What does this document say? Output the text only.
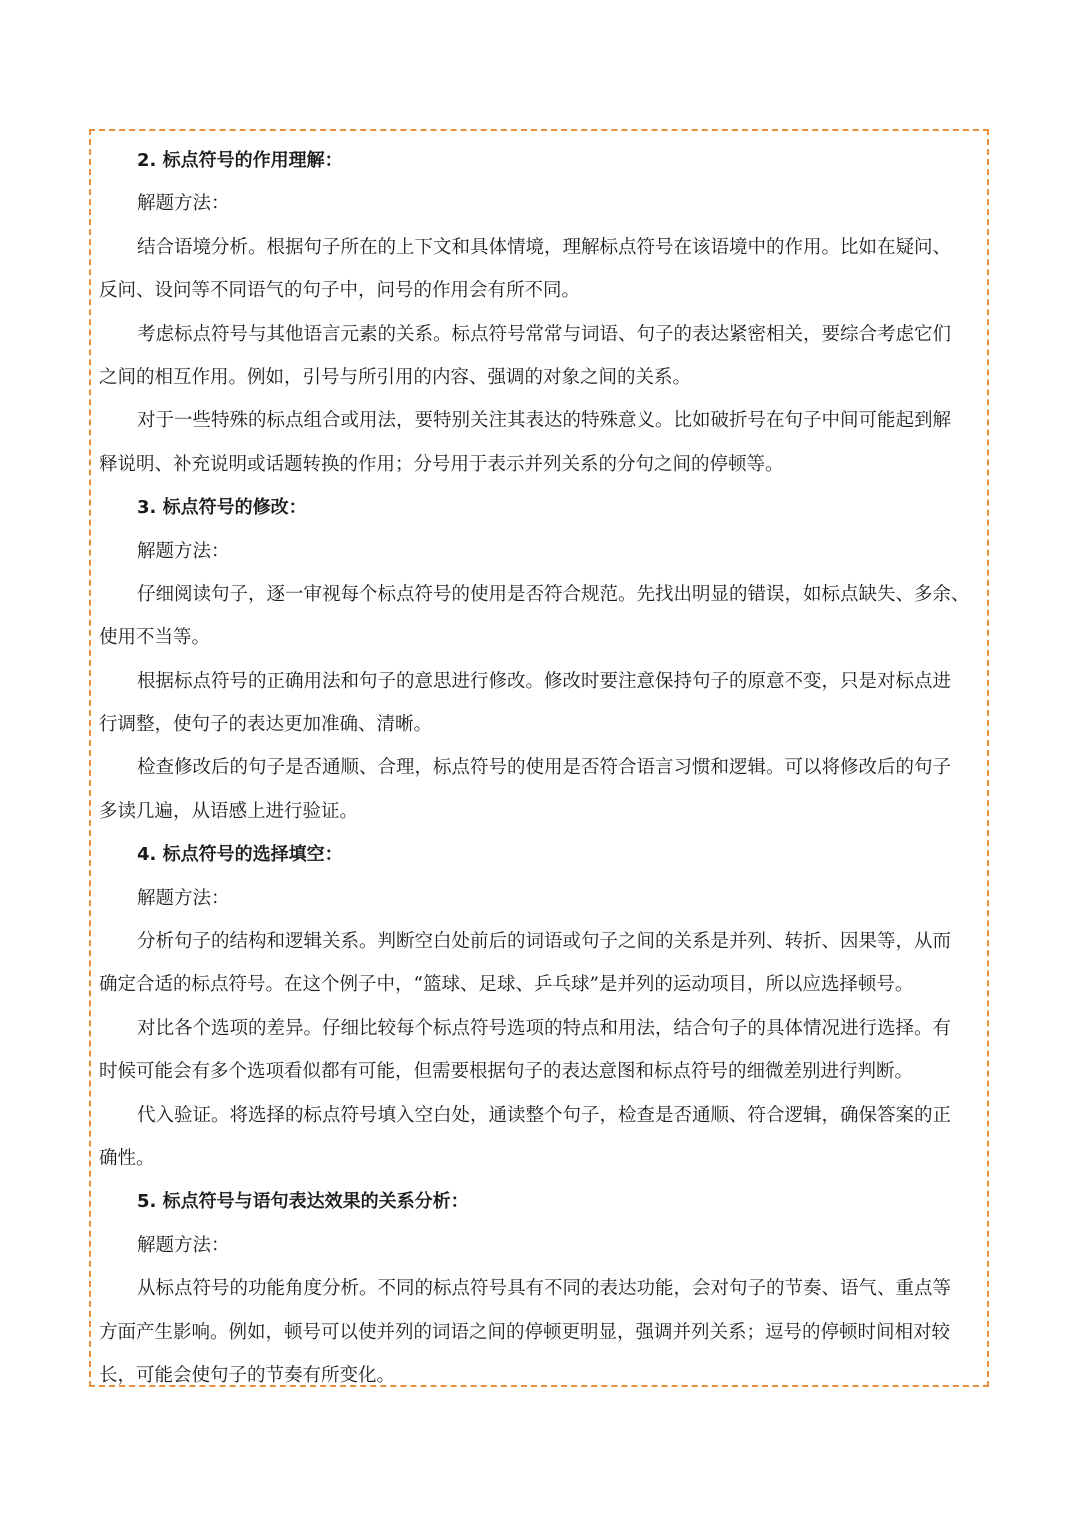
2. 标点符号的作用理解：
解题方法：
结合语境分析。根据句子所在的上下文和具体情境，理解标点符号在该语境中的作用。比如在疑问、
反问、设问等不同语气的句子中，问号的作用会有所不同。
考虑标点符号与其他语言元素的关系。标点符号常常与词语、句子的表达紧密相关，要综合考虑它们
之间的相互作用。例如，引号与所引用的内容、强调的对象之间的关系。
对于一些特殊的标点组合或用法，要特别关注其表达的特殊意义。比如破折号在句子中间可能起到解
释说明、补充说明或话题转换的作用；分号用于表示并列关系的分句之间的停顿等。
3. 标点符号的修改：
解题方法：
仔细阅读句子，逐一审视每个标点符号的使用是否符合规范。先找出明显的错误，如标点缺失、多余、
使用不当等。
根据标点符号的正确用法和句子的意思进行修改。修改时要注意保持句子的原意不变，只是对标点进
行调整，使句子的表达更加准确、清晰。
检查修改后的句子是否通顺、合理，标点符号的使用是否符合语言习惯和逻辑。可以将修改后的句子
多读几遍，从语感上进行验证。
4. 标点符号的选择填空：
解题方法：
分析句子的结构和逻辑关系。判断空白处前后的词语或句子之间的关系是并列、转折、因果等，从而
确定合适的标点符号。在这个例子中，“篮球、足球、乒乓球”是并列的运动项目，所以应选择顿号。
对比各个选项的差异。仔细比较每个标点符号选项的特点和用法，结合句子的具体情况进行选择。有
时候可能会有多个选项看似都有可能，但需要根据句子的表达意图和标点符号的细微差别进行判断。
代入验证。将选择的标点符号填入空白处，通读整个句子，检查是否通顺、符合逻辑，确保答案的正
确性。
5. 标点符号与语句表达效果的关系分析：
解题方法：
从标点符号的功能角度分析。不同的标点符号具有不同的表达功能，会对句子的节奏、语气、重点等
方面产生影响。例如，顿号可以使并列的词语之间的停顿更明显，强调并列关系；逗号的停顿时间相对较
长，可能会使句子的节奏有所变化。
